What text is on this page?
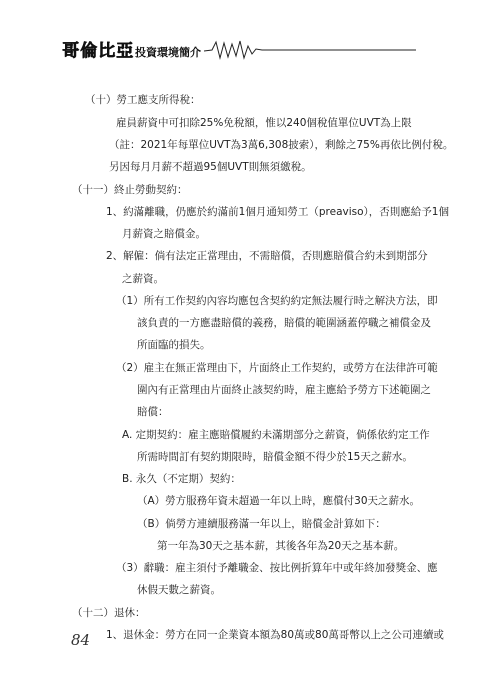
哥倫比亞投資環境簡介
（十）勞工應支所得稅：
雇員薪資中可扣除25%免稅額，惟以240個稅值單位UVT為上限
（註：2021年每單位UVT為3萬6,308披索），剩餘之75%再依比例付稅。
另因每月月薪不超過95個UVT則無須繳稅。
（十一）終止勞動契約：
1、約滿離職，仍應於約滿前1個月通知勞工（preaviso），否則應給予1個
月薪資之賠償金。
2、解僱：倘有法定正當理由，不需賠償，否則應賠償合約未到期部分
之薪資。
（1）所有工作契約內容均應包含契約約定無法履行時之解決方法，即
該負責的一方應盡賠償的義務，賠償的範圍涵蓋停職之補償金及
所面臨的損失。
（2）雇主在無正當理由下，片面終止工作契約，或勞方在法律許可範
圍內有正當理由片面終止該契約時，雇主應給予勞方下述範圍之
賠償：
A. 定期契約：雇主應賠償履約未滿期部分之薪資，倘係依約定工作
所需時間訂有契約期限時，賠償金額不得少於15天之薪水。
B. 永久（不定期）契約：
（A）勞方服務年資未超過一年以上時，應償付30天之薪水。
（B）倘勞方連續服務滿一年以上，賠償金計算如下：
第一年為30天之基本薪，其後各年為20天之基本薪。
（3）辭職：雇主須付予離職金、按比例折算年中或年終加發獎金、應
休假天數之薪資。
（十二）退休：
1、退休金：勞方在同一企業資本額為80萬或80萬哥幣以上之公司連續或
84
